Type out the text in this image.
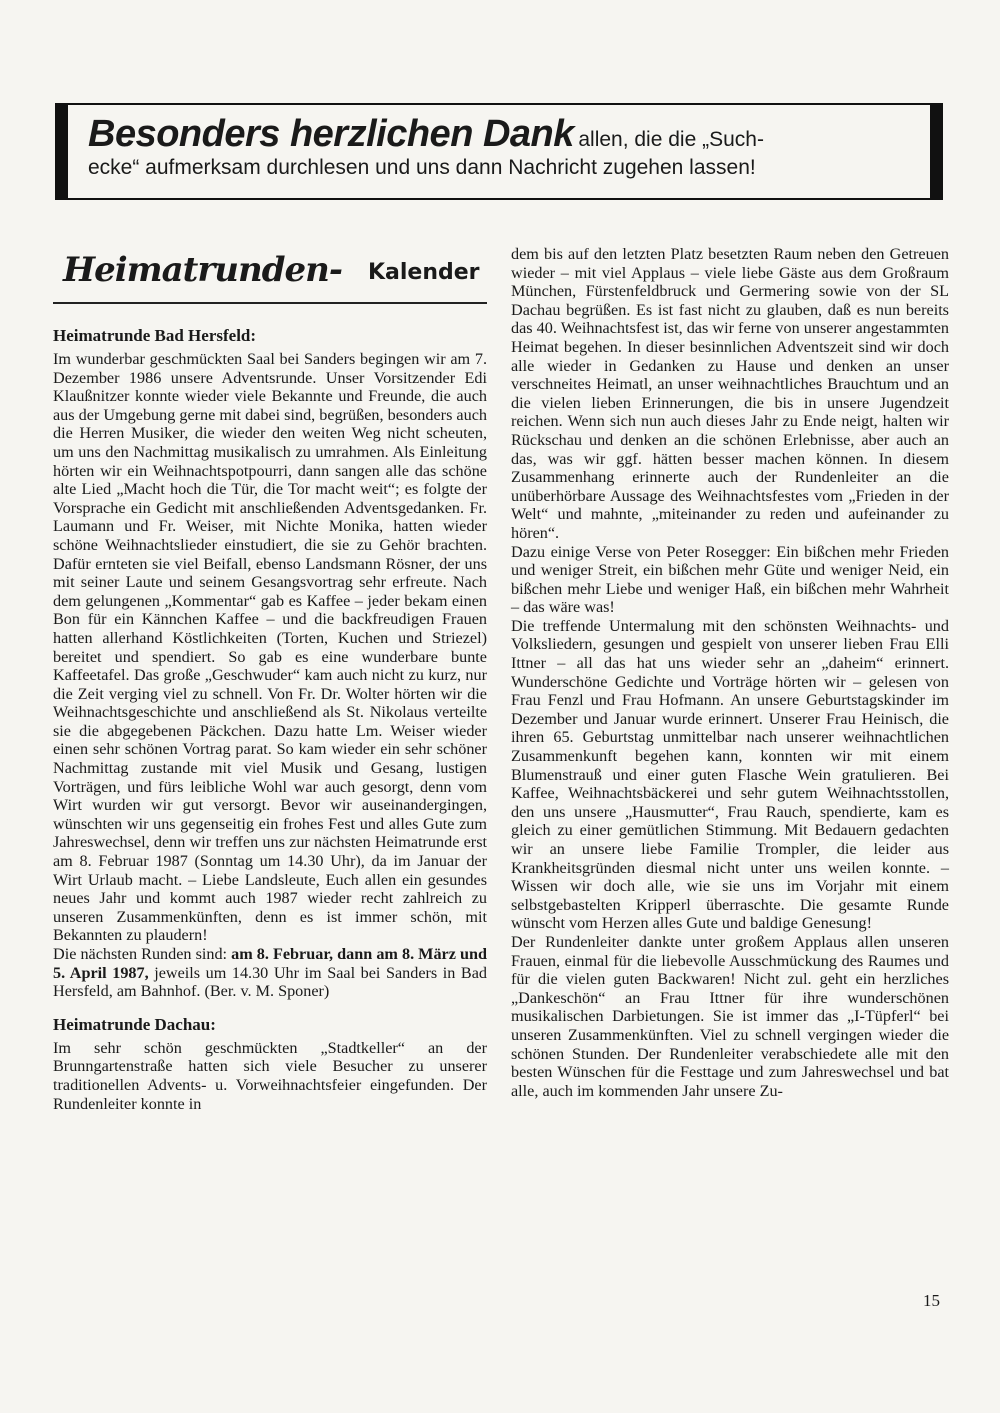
Besonders herzlichen Dank allen, die die „Such-
ecke“ aufmerksam durchlesen und uns dann Nachricht zugehen lassen!
Heimatrunden- Kalender
Heimatrunde Bad Hersfeld:

Im wunderbar geschmückten Saal bei Sanders begingen wir am 7. Dezember 1986 unsere Adventsrunde. Unser Vorsitzender Edi Klaußnitzer konnte wieder viele Bekannte und Freunde, die auch aus der Umgebung gerne mit dabei sind, begrüßen, besonders auch die Herren Musiker, die wieder den weiten Weg nicht scheuten, um uns den Nachmittag musikalisch zu umrahmen. Als Einleitung hörten wir ein Weihnachtspotpourri, dann sangen alle das schöne alte Lied „Macht hoch die Tür, die Tor macht weit“; es folgte der Vorsprache ein Gedicht mit anschließenden Adventsgedanken. Fr. Laumann und Fr. Weiser, mit Nichte Monika, hatten wieder schöne Weihnachtslieder einstudiert, die sie zu Gehör brachten. Dafür ernteten sie viel Beifall, ebenso Landsmann Rösner, der uns mit seiner Laute und seinem Gesangsvortrag sehr erfreute. Nach dem gelungenen „Kommentar“ gab es Kaffee – jeder bekam einen Bon für ein Kännchen Kaffee – und die backfreudigen Frauen hatten allerhand Köstlichkeiten (Torten, Kuchen und Striezel) bereitet und spendiert. So gab es eine wunderbare bunte Kaffeetafel. Das große „Geschwuder“ kam auch nicht zu kurz, nur die Zeit verging viel zu schnell. Von Fr. Dr. Wolter hörten wir die Weihnachtsgeschichte und anschließend als St. Nikolaus verteilte sie die abgegebenen Päckchen. Dazu hatte Lm. Weiser wieder einen sehr schönen Vortrag parat. So kam wieder ein sehr schöner Nachmittag zustande mit viel Musik und Gesang, lustigen Vorträgen, und fürs leibliche Wohl war auch gesorgt, denn vom Wirt wurden wir gut versorgt. Bevor wir auseinandergingen, wünschten wir uns gegenseitig ein frohes Fest und alles Gute zum Jahreswechsel, denn wir treffen uns zur nächsten Heimatrunde erst am 8. Februar 1987 (Sonntag um 14.30 Uhr), da im Januar der Wirt Urlaub macht. – Liebe Landsleute, Euch allen ein gesundes neues Jahr und kommt auch 1987 wieder recht zahlreich zu unseren Zusammenkünften, denn es ist immer schön, mit Bekannten zu plaudern!

Die nächsten Runden sind: am 8. Februar, dann am 8. März und 5. April 1987, jeweils um 14.30 Uhr im Saal bei Sanders in Bad Hersfeld, am Bahnhof. (Ber. v. M. Sponer)

Heimatrunde Dachau:

Im sehr schön geschmückten „Stadtkeller“ an der Brunngartenstraße hatten sich viele Besucher zu unserer traditionellen Advents- u. Vorweihnachtsfeier eingefunden. Der Rundenleiter konnte in

dem bis auf den letzten Platz besetzten Raum neben den Getreuen wieder – mit viel Applaus – viele liebe Gäste aus dem Großraum München, Fürstenfeldbruck und Germering sowie von der SL Dachau begrüßen. Es ist fast nicht zu glauben, daß es nun bereits das 40. Weihnachtsfest ist, das wir ferne von unserer angestammten Heimat begehen. In dieser besinnlichen Adventszeit sind wir doch alle wieder in Gedanken zu Hause und denken an unser verschneites Heimatl, an unser weihnachtliches Brauchtum und an die vielen lieben Erinnerungen, die bis in unsere Jugendzeit reichen. Wenn sich nun auch dieses Jahr zu Ende neigt, halten wir Rückschau und denken an die schönen Erlebnisse, aber auch an das, was wir ggf. hätten besser machen können. In diesem Zusammenhang erinnerte auch der Rundenleiter an die unüberhörbare Aussage des Weihnachtsfestes vom „Frieden in der Welt“ und mahnte, „miteinander zu reden und aufeinander zu hören“.

Dazu einige Verse von Peter Rosegger: Ein bißchen mehr Frieden und weniger Streit, ein bißchen mehr Güte und weniger Neid, ein bißchen mehr Liebe und weniger Haß, ein bißchen mehr Wahrheit – das wäre was!

Die treffende Untermalung mit den schönsten Weihnachts- und Volksliedern, gesungen und gespielt von unserer lieben Frau Elli Ittner – all das hat uns wieder sehr an „daheim“ erinnert. Wunderschöne Gedichte und Vorträge hörten wir – gelesen von Frau Fenzl und Frau Hofmann. An unsere Geburtstagskinder im Dezember und Januar wurde erinnert. Unserer Frau Heinisch, die ihren 65. Geburtstag unmittelbar nach unserer weihnachtlichen Zusammenkunft begehen kann, konnten wir mit einem Blumenstrauß und einer guten Flasche Wein gratulieren. Bei Kaffee, Weihnachtsbäckerei und sehr gutem Weihnachtsstollen, den uns unsere „Hausmutter“, Frau Rauch, spendierte, kam es gleich zu einer gemütlichen Stimmung. Mit Bedauern gedachten wir an unsere liebe Familie Trompler, die leider aus Krankheitsgründen diesmal nicht unter uns weilen konnte. – Wissen wir doch alle, wie sie uns im Vorjahr mit einem selbstgebastelten Kripperl überraschte. Die gesamte Runde wünscht vom Herzen alles Gute und baldige Genesung!

Der Rundenleiter dankte unter großem Applaus allen unseren Frauen, einmal für die liebevolle Ausschmückung des Raumes und für die vielen guten Backwaren! Nicht zul. geht ein herzliches „Dankeschön“ an Frau Ittner für ihre wunderschönen musikalischen Darbietungen. Sie ist immer das „I-Tüpferl“ bei unseren Zusammenkünften. Viel zu schnell vergingen wieder die schönen Stunden. Der Rundenleiter verabschiedete alle mit den besten Wünschen für die Festtage und zum Jahreswechsel und bat alle, auch im kommenden Jahr unsere Zu-

15
